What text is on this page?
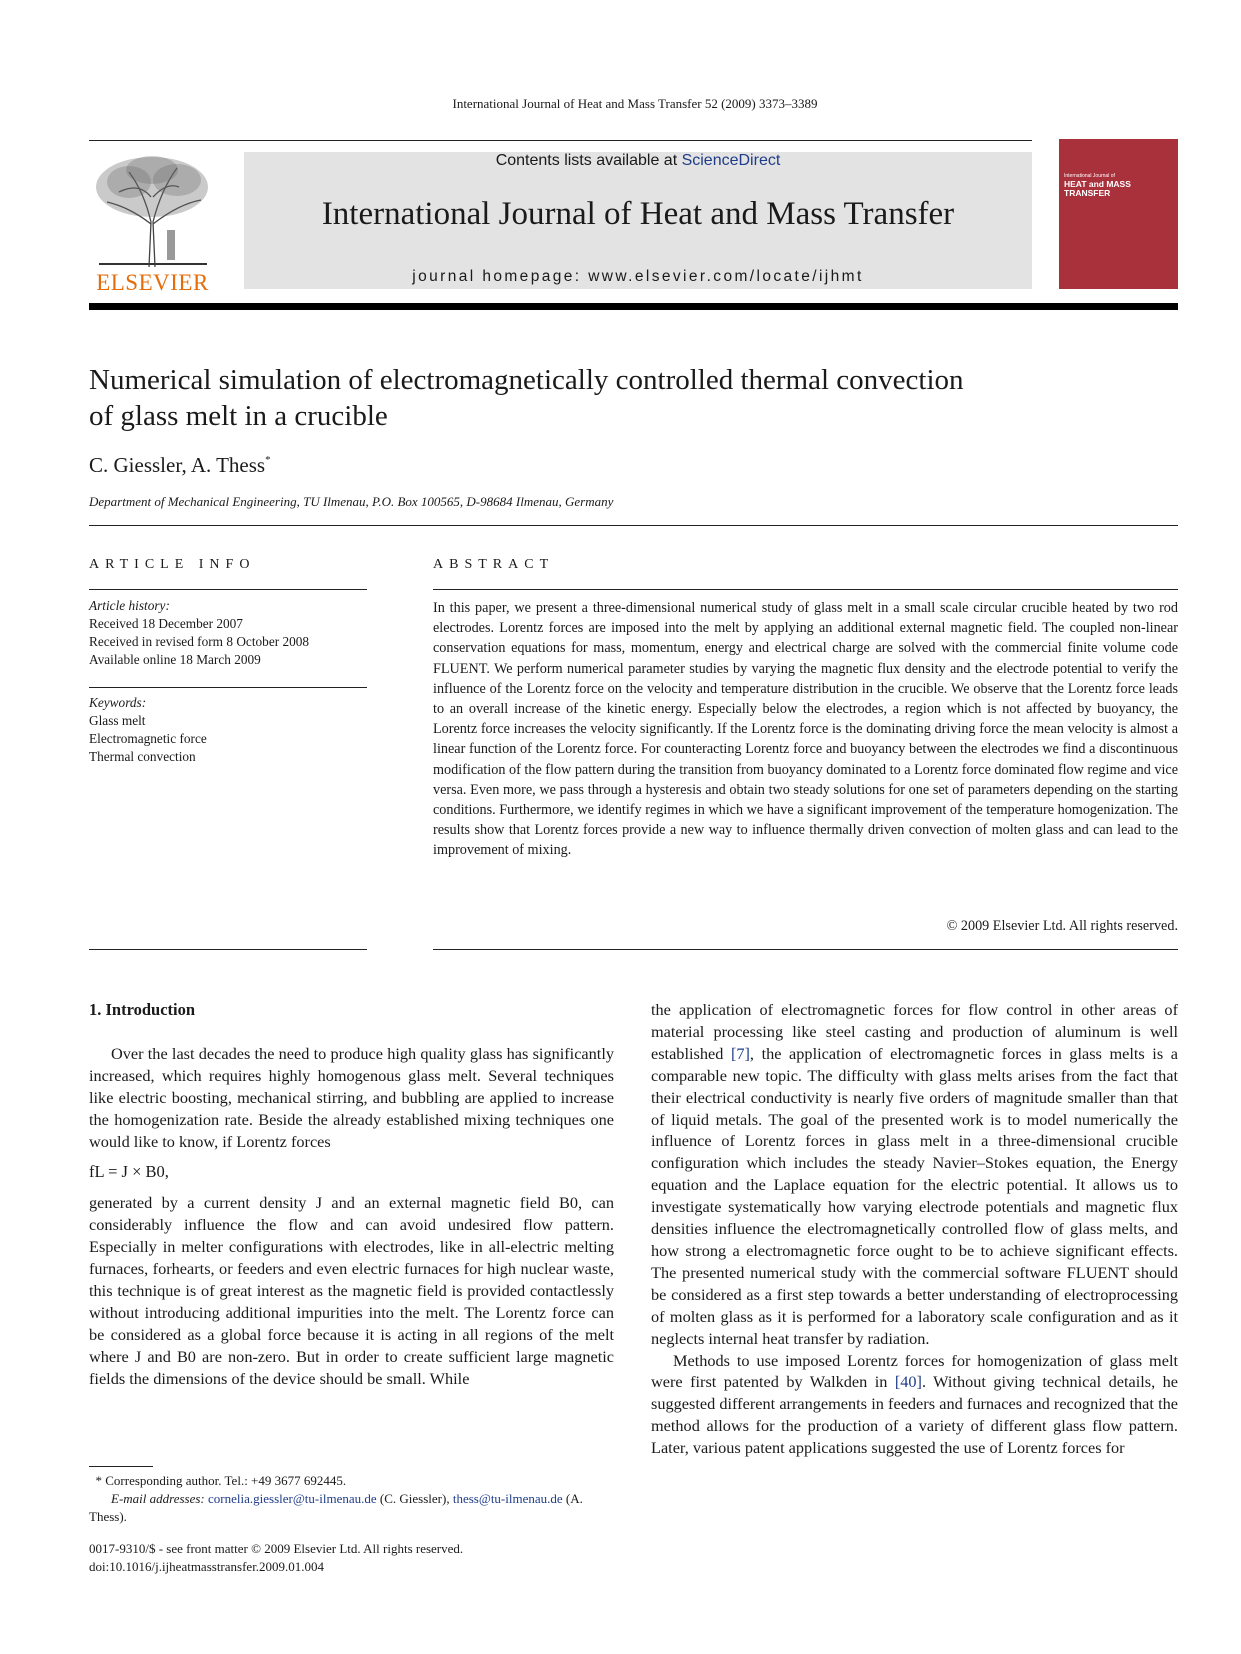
International Journal of Heat and Mass Transfer 52 (2009) 3373–3389
ELSEVIER
Contents lists available at ScienceDirect
International Journal of Heat and Mass Transfer
journal homepage: www.elsevier.com/locate/ijhmt
International Journal of
HEAT and MASS TRANSFER
Numerical simulation of electromagnetically controlled thermal convection
of glass melt in a crucible
C. Giessler, A. Thess*
Department of Mechanical Engineering, TU Ilmenau, P.O. Box 100565, D-98684 Ilmenau, Germany
ARTICLE INFO	ABSTRACT
Article history:
Received 18 December 2007
Received in revised form 8 October 2008
Available online 18 March 2009
Keywords:
Glass melt
Electromagnetic force
Thermal convection
In this paper, we present a three-dimensional numerical study of glass melt in a small scale circular crucible heated by two rod electrodes. Lorentz forces are imposed into the melt by applying an additional external magnetic field. The coupled non-linear conservation equations for mass, momentum, energy and electrical charge are solved with the commercial finite volume code FLUENT. We perform numerical parameter studies by varying the magnetic flux density and the electrode potential to verify the influence of the Lorentz force on the velocity and temperature distribution in the crucible. We observe that the Lorentz force leads to an overall increase of the kinetic energy. Especially below the electrodes, a region which is not affected by buoyancy, the Lorentz force increases the velocity significantly. If the Lorentz force is the dominating driving force the mean velocity is almost a linear function of the Lorentz force. For counteracting Lorentz force and buoyancy between the electrodes we find a discontinuous modification of the flow pattern during the transition from buoyancy dominated to a Lorentz force dominated flow regime and vice versa. Even more, we pass through a hysteresis and obtain two steady solutions for one set of parameters depending on the starting conditions. Furthermore, we identify regimes in which we have a significant improvement of the temperature homogenization. The results show that Lorentz forces provide a new way to influence thermally driven convection of molten glass and can lead to the improvement of mixing.
© 2009 Elsevier Ltd. All rights reserved.
1. Introduction

Over the last decades the need to produce high quality glass has significantly increased, which requires highly homogenous glass melt. Several techniques like electric boosting, mechanical stirring, and bubbling are applied to increase the homogenization rate. Beside the already established mixing techniques one would like to know, if Lorentz forces

fL = J × B0,

generated by a current density J and an external magnetic field B0, can considerably influence the flow and can avoid undesired flow pattern. Especially in melter configurations with electrodes, like in all-electric melting furnaces, forhearts, or feeders and even electric furnaces for high nuclear waste, this technique is of great interest as the magnetic field is provided contactlessly without introducing additional impurities into the melt. The Lorentz force can be considered as a global force because it is acting in all regions of the melt where J and B0 are non-zero. But in order to create sufficient large magnetic fields the dimensions of the device should be small. While

the application of electromagnetic forces for flow control in other areas of material processing like steel casting and production of aluminum is well established [7], the application of electromagnetic forces in glass melts is a comparable new topic. The difficulty with glass melts arises from the fact that their electrical conductivity is nearly five orders of magnitude smaller than that of liquid metals. The goal of the presented work is to model numerically the influence of Lorentz forces in glass melt in a three-dimensional crucible configuration which includes the steady Navier–Stokes equation, the Energy equation and the Laplace equation for the electric potential. It allows us to investigate systematically how varying electrode potentials and magnetic flux densities influence the electromagnetically controlled flow of glass melts, and how strong a electromagnetic force ought to be to achieve significant effects. The presented numerical study with the commercial software FLUENT should be considered as a first step towards a better understanding of electroprocessing of molten glass as it is performed for a laboratory scale configuration and as it neglects internal heat transfer by radiation.

Methods to use imposed Lorentz forces for homogenization of glass melt were first patented by Walkden in [40]. Without giving technical details, he suggested different arrangements in feeders and furnaces and recognized that the method allows for the production of a variety of different glass flow pattern. Later, various patent applications suggested the use of Lorentz forces for

* Corresponding author. Tel.: +49 3677 692445.
E-mail addresses: cornelia.giessler@tu-ilmenau.de (C. Giessler), thess@tu-ilmenau.de (A. Thess).
0017-9310/$ - see front matter © 2009 Elsevier Ltd. All rights reserved.
doi:10.1016/j.ijheatmasstransfer.2009.01.004
